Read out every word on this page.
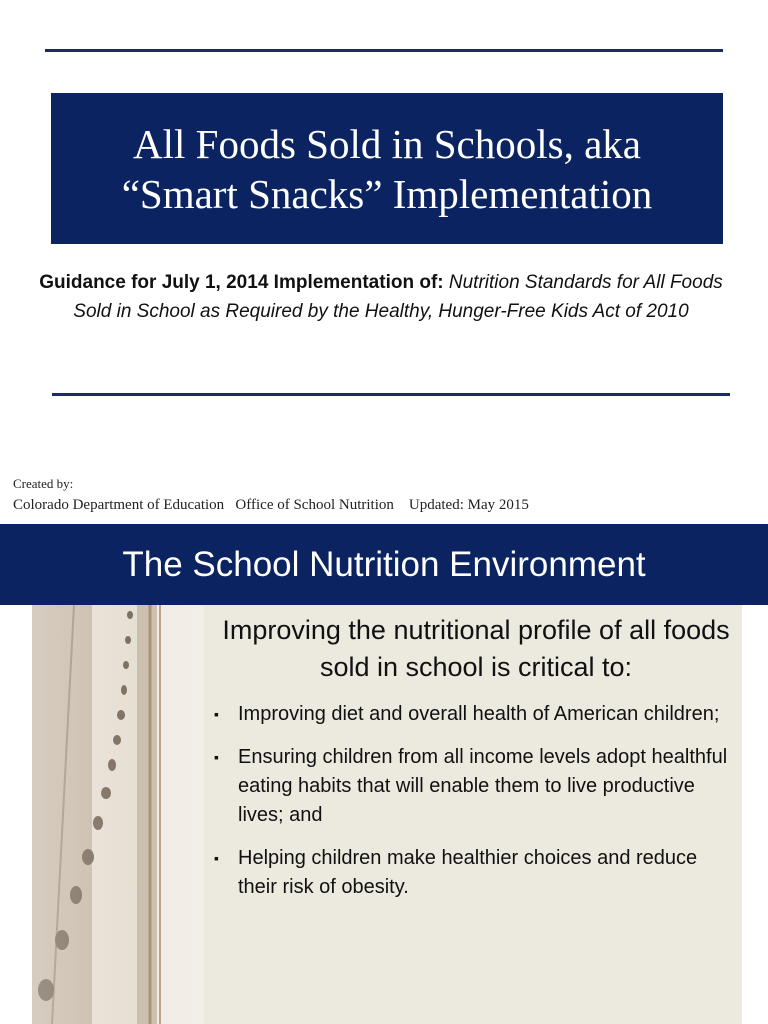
All Foods Sold in Schools, aka
“Smart Snacks” Implementation
Guidance for July 1, 2014 Implementation of: Nutrition Standards for All Foods Sold in School as Required by the Healthy, Hunger-Free Kids Act of 2010
Created by:
Colorado Department of Education   Office of School Nutrition    Updated: May 2015
The School Nutrition Environment
Improving the nutritional profile of all foods sold in school is critical to:
▪ Improving diet and overall health of American children;
▪ Ensuring children from all income levels adopt healthful eating habits that will enable them to live productive lives; and
▪ Helping children make healthier choices and reduce their risk of obesity.
